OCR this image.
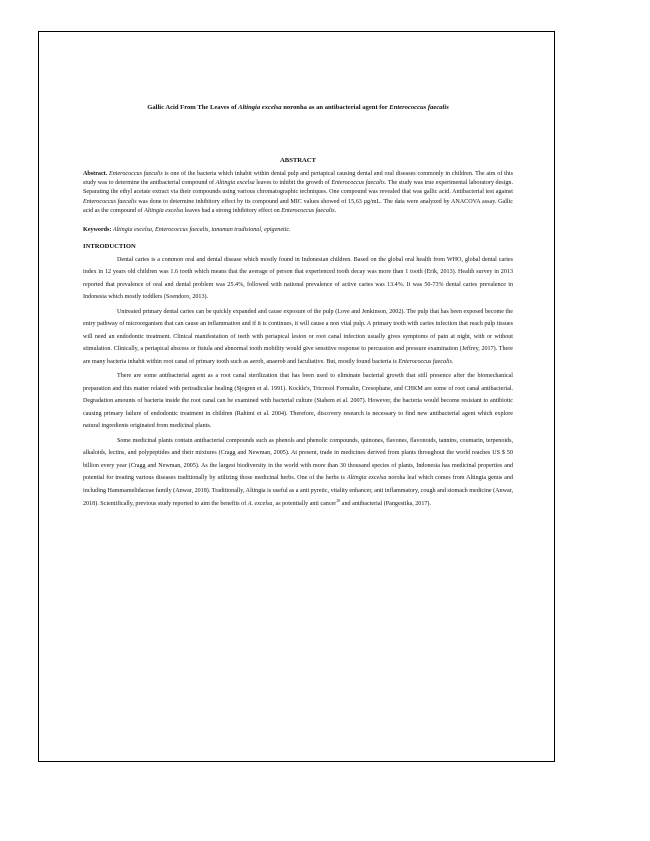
Gallic Acid From The Leaves of Altingia excelsa noronha as an antibacterial agent for Enterococcus faecalis
ABSTRACT

Abstract. Enterococcus faecalis is one of the bacteria which inhabit within dental pulp and periapical causing dental and oral diseases commonly in children. The aim of this study was to determine the antibacterial compound of Altingia excelsa leaves to inhibit the growth of Enterococcus faecalis. The study was true experimental laboratory design. Separating the ethyl acetate extract via their compounds using various chromatographic techniques. One compound was revealed that was gallic acid. Antibacterial test against Enterococcus faecalis was done to determine inhibitory effect by its compound and MIC values showed of 15,63 µg/mL. The data were analyzed by ANACOVA assay. Gallic acid as the compound of Altingia excelsa leaves had a strong inhibitory effect on Enterococcus faecalis.

Keywords: Altingia excelsa, Enterococcus faecalis, tanaman tradisional, epigenetic.

INTRODUCTION

Dental caries is a common oral and dental disease which mostly found in Indonesian children. Based on the global oral health from WHO, global dental caries index in 12 years old children was 1.6 tooth which means that the average of person that experienced tooth decay was more than 1 tooth (Erik, 2013). Health survey in 2013 reported that prevalence of oral and dental problem was 25.4%, followed with national prevalence of active caries was 13.4%. It was 50-73% dental caries prevalence in Indonesia which mostly toddlers (Soendoro, 2013).

Untreated primary dental caries can be quickly expanded and cause exposure of the pulp (Love and Jenkinson, 2002). The pulp that has been exposed become the entry pathway of microorganism that can cause an inflammation and if it is continues, it will cause a non vital pulp. A primary tooth with caries infection that reach pulp tissues will need an endodontic treatment. Clinical manifestation of teeth with periapical lesion or root canal infection usually gives symptoms of pain at night, with or without stimulation. Clinically, a periapical abscess or fistula and abnormal tooth mobility would give sensitive response to percussion and pressure examination (Jeffrey, 2017). There are many bacteria inhabit within root canal of primary tooth such as aerob, anaerob and facultative. But, mostly found bacteria is Enterococcus faecalis.

There are some antibacterial agent as a root canal sterilization that has been used to eliminate bacterial growth that still presence after the biomechanical preparation and this matter related with periradicular healing (Sjogren et al. 1991). Kockle's, Tricresol Formalin, Cresophane, and CHKM are some of root canal antibacterial. Degradation amounts of bacteria inside the root canal can be examined with bacterial culture (Siahem et al. 2007). However, the bacteria would become resistant to antibiotic causing primary failure of endodontic treatment in children (Rahimi et al. 2004). Therefore, discovery research is necessary to find new antibacterial agent which explore natural ingredients originated from medicinal plants.

Some medicinal plants contain antibacterial compounds such as phenols and phenolic compounds, quinones, flavones, flavonoids, tannins, coumarin, terpenoids, alkaloids, lectins, and polypeptides and their mixtures (Cragg and Newman, 2005). At present, trade in medicines derived from plants throughout the world reaches US $ 50 billion every year (Cragg and Newman, 2005). As the largest biodiversity in the world with more than 30 thousand species of plants, Indonesia has medicinal properties and potential for treating various diseases traditionally by utilizing those medicinal herbs. One of the herbs is Altingia excelsa noroha leaf which comes from Altingia genus and including Hammamelidaceae family (Anwar, 2018). Traditionally, Altingia is useful as a anti pyretic, vitality enhancer, anti inflammatory, cough and stomach medicine (Anwar, 2018). Scientifically, previous study reported to aim the benefits of A. excelsa, as potentially anti cancer$^{10}$ and antibacterial (Pangestika, 2017).
